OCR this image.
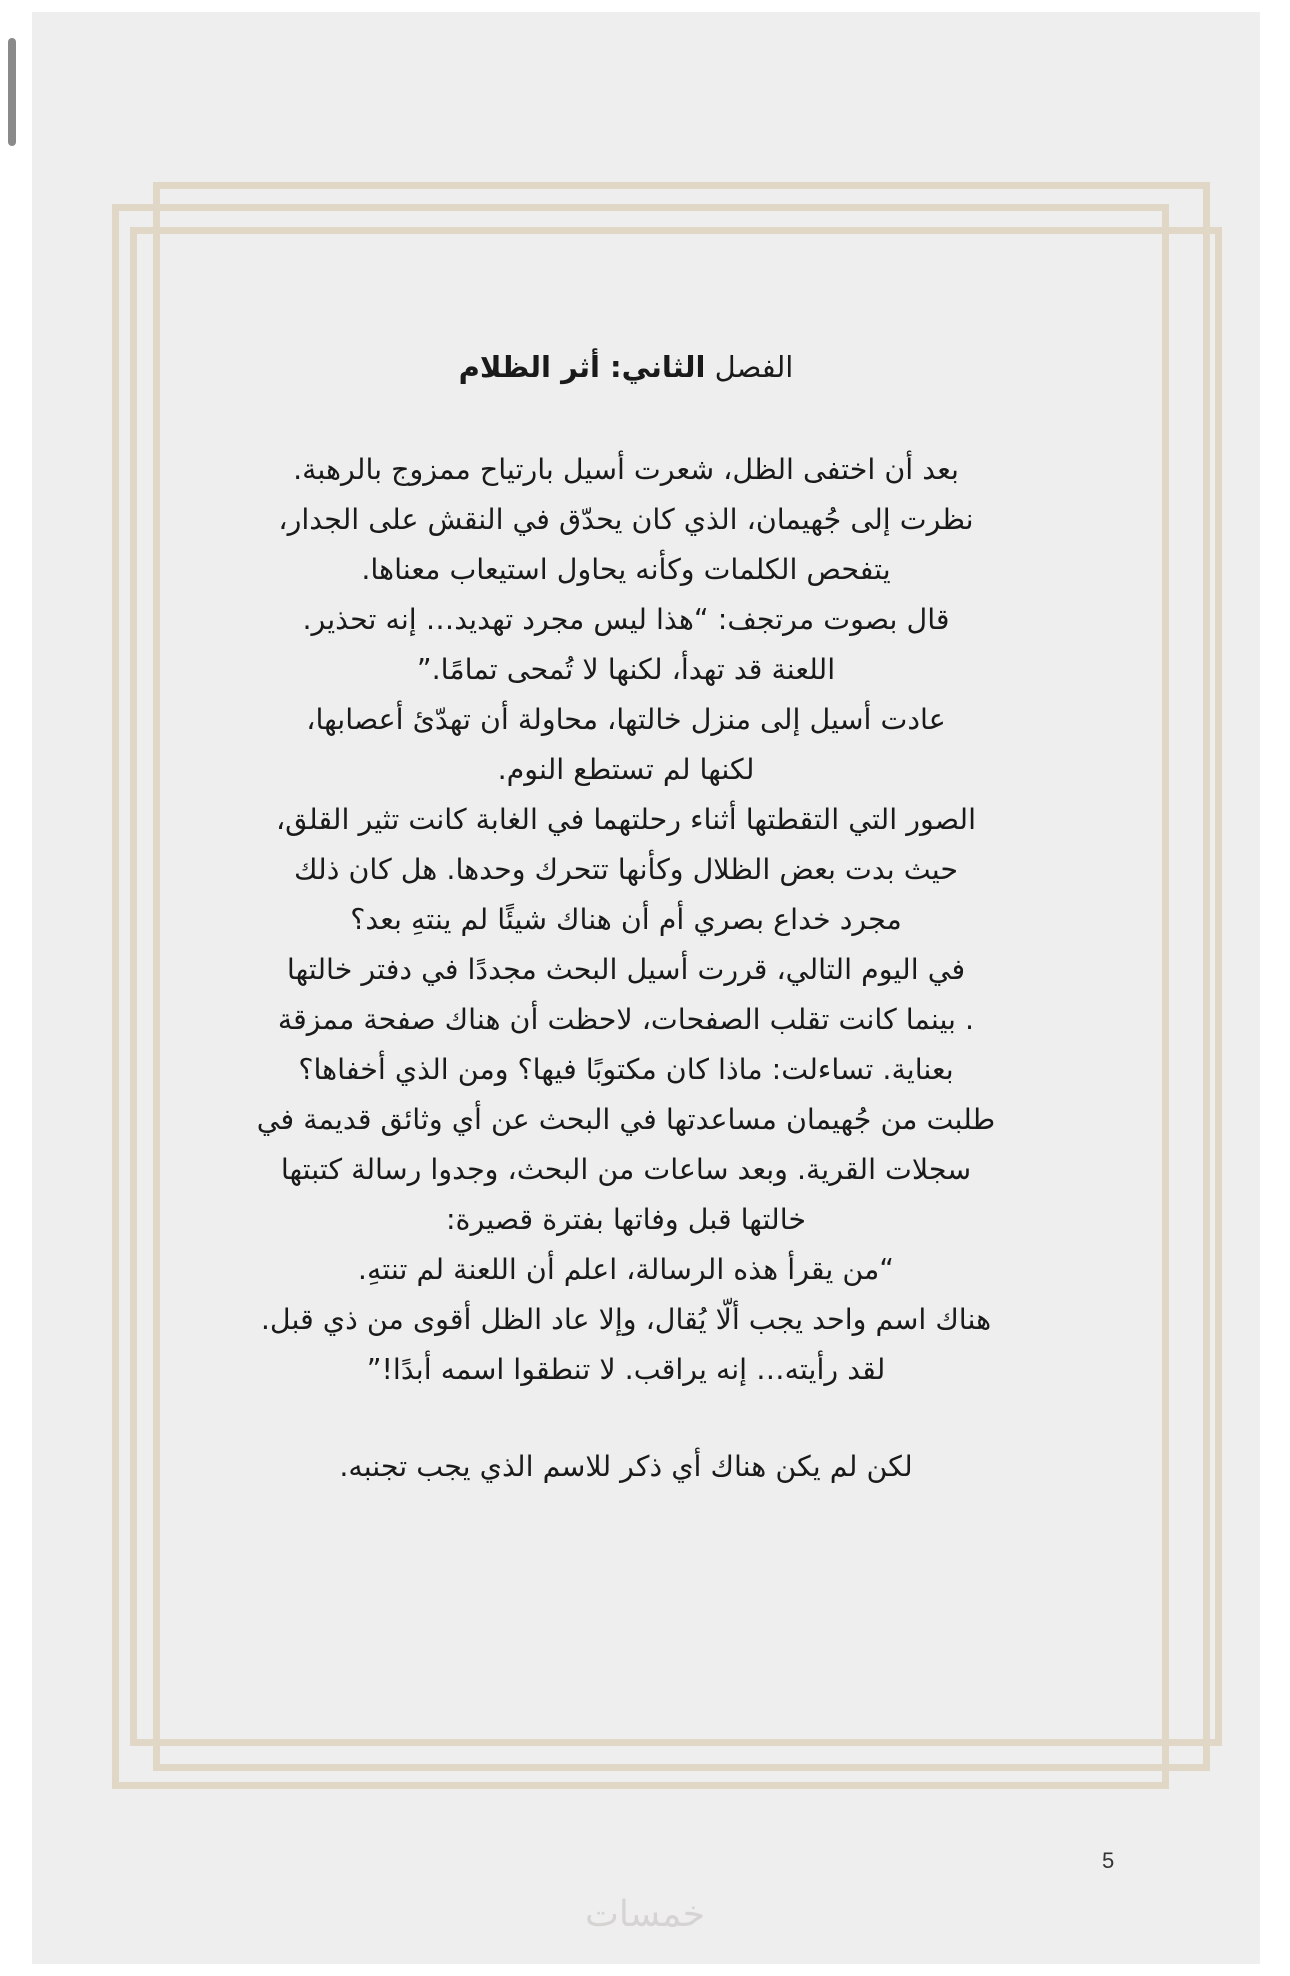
الفصل الثاني: أثر الظلام

بعد أن اختفى الظل، شعرت أسيل بارتياح ممزوج بالرهبة.

نظرت إلى جُهيمان، الذي كان يحدّق في النقش على الجدار،

يتفحص الكلمات وكأنه يحاول استيعاب معناها.

قال بصوت مرتجف: “هذا ليس مجرد تهديد… إنه تحذير.

اللعنة قد تهدأ، لكنها لا تُمحى تمامًا.”

عادت أسيل إلى منزل خالتها، محاولة أن تهدّئ أعصابها،

لكنها لم تستطع النوم.

الصور التي التقطتها أثناء رحلتهما في الغابة كانت تثير القلق،

حيث بدت بعض الظلال وكأنها تتحرك وحدها. هل كان ذلك

مجرد خداع بصري أم أن هناك شيئًا لم ينتهِ بعد؟

في اليوم التالي، قررت أسيل البحث مجددًا في دفتر خالتها

. بينما كانت تقلب الصفحات، لاحظت أن هناك صفحة ممزقة

بعناية. تساءلت: ماذا كان مكتوبًا فيها؟ ومن الذي أخفاها؟

طلبت من جُهيمان مساعدتها في البحث عن أي وثائق قديمة في

سجلات القرية. وبعد ساعات من البحث، وجدوا رسالة كتبتها

خالتها قبل وفاتها بفترة قصيرة:

“من يقرأ هذه الرسالة، اعلم أن اللعنة لم تنتهِ.

هناك اسم واحد يجب ألّا يُقال، وإلا عاد الظل أقوى من ذي قبل.

لقد رأيته… إنه يراقب. لا تنطقوا اسمه أبدًا!”

لكن لم يكن هناك أي ذكر للاسم الذي يجب تجنبه.

5
خمسات
